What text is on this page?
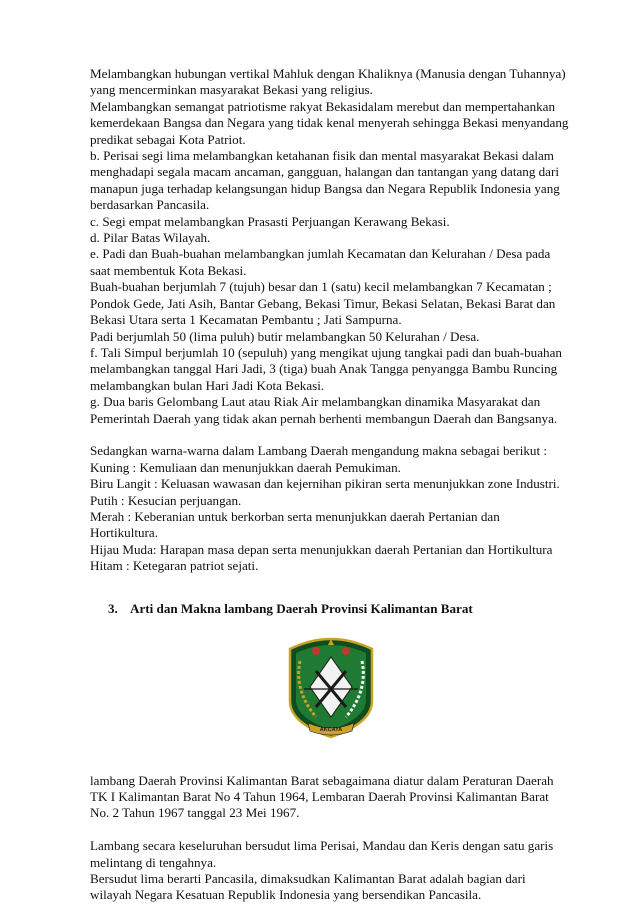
Melambangkan hubungan vertikal Mahluk dengan Khaliknya (Manusia dengan Tuhannya) yang mencerminkan masyarakat Bekasi yang religius.

Melambangkan semangat patriotisme rakyat Bekasidalam merebut dan mempertahankan kemerdekaan Bangsa dan Negara yang tidak kenal menyerah sehingga Bekasi menyandang predikat sebagai Kota Patriot.

b. Perisai segi lima melambangkan ketahanan fisik dan mental masyarakat Bekasi dalam menghadapi segala macam ancaman, gangguan, halangan dan tantangan yang datang dari manapun juga terhadap kelangsungan hidup Bangsa dan Negara Republik Indonesia yang berdasarkan Pancasila.

c. Segi empat melambangkan Prasasti Perjuangan Kerawang Bekasi.

d. Pilar Batas Wilayah.

e. Padi dan Buah-buahan melambangkan jumlah Kecamatan dan Kelurahan / Desa pada saat membentuk Kota Bekasi.

Buah-buahan berjumlah 7 (tujuh) besar dan 1 (satu) kecil melambangkan 7 Kecamatan ; Pondok Gede, Jati Asih, Bantar Gebang, Bekasi Timur, Bekasi Selatan, Bekasi Barat dan Bekasi Utara serta 1 Kecamatan Pembantu ; Jati Sampurna.

Padi berjumlah 50 (lima puluh) butir melambangkan 50 Kelurahan / Desa.

f. Tali Simpul berjumlah 10 (sepuluh) yang mengikat ujung tangkai padi dan buah-buahan melambangkan tanggal Hari Jadi, 3 (tiga) buah Anak Tangga penyangga Bambu Runcing melambangkan bulan Hari Jadi Kota Bekasi.

g. Dua baris Gelombang Laut atau Riak Air melambangkan dinamika Masyarakat dan Pemerintah Daerah yang tidak akan pernah berhenti membangun Daerah dan Bangsanya.

Sedangkan warna-warna dalam Lambang Daerah mengandung makna sebagai berikut :

Kuning : Kemuliaan dan menunjukkan daerah Pemukiman.

Biru Langit : Keluasan wawasan dan kejernihan pikiran serta menunjukkan zone Industri.

Putih : Kesucian perjuangan.

Merah : Keberanian untuk berkorban serta menunjukkan daerah Pertanian dan Hortikultura.

Hijau Muda: Harapan masa depan serta menunjukkan daerah Pertanian dan Hortikultura

Hitam : Ketegaran patriot sejati.

3. Arti dan Makna lambang Daerah Provinsi Kalimantan Barat

AKCAYA

lambang Daerah Provinsi Kalimantan Barat sebagaimana diatur dalam Peraturan Daerah TK I Kalimantan Barat No 4 Tahun 1964, Lembaran Daerah Provinsi Kalimantan Barat No. 2 Tahun 1967 tanggal 23 Mei 1967.

Lambang secara keseluruhan bersudut lima Perisai, Mandau dan Keris dengan satu garis melintang di tengahnya.

Bersudut lima berarti Pancasila, dimaksudkan Kalimantan Barat adalah bagian dari wilayah Negara Kesatuan Republik Indonesia yang bersendikan Pancasila.
